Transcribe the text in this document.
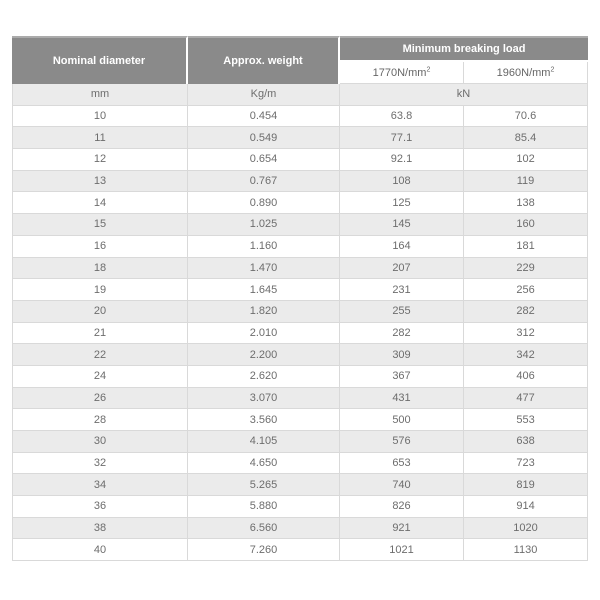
Nominal diameter	Approx. weight	Minimum breaking load	
		$1770N/mm^2$	$1960N/mm^2$
mm	Kg/m	kN	
10	0.454	63.8	70.6
11	0.549	77.1	85.4
12	0.654	92.1	102
13	0.767	108	119
14	0.890	125	138
15	1.025	145	160
16	1.160	164	181
18	1.470	207	229
19	1.645	231	256
20	1.820	255	282
21	2.010	282	312
22	2.200	309	342
24	2.620	367	406
26	3.070	431	477
28	3.560	500	553
30	4.105	576	638
32	4.650	653	723
34	5.265	740	819
36	5.880	826	914
38	6.560	921	1020
40	7.260	1021	1130
